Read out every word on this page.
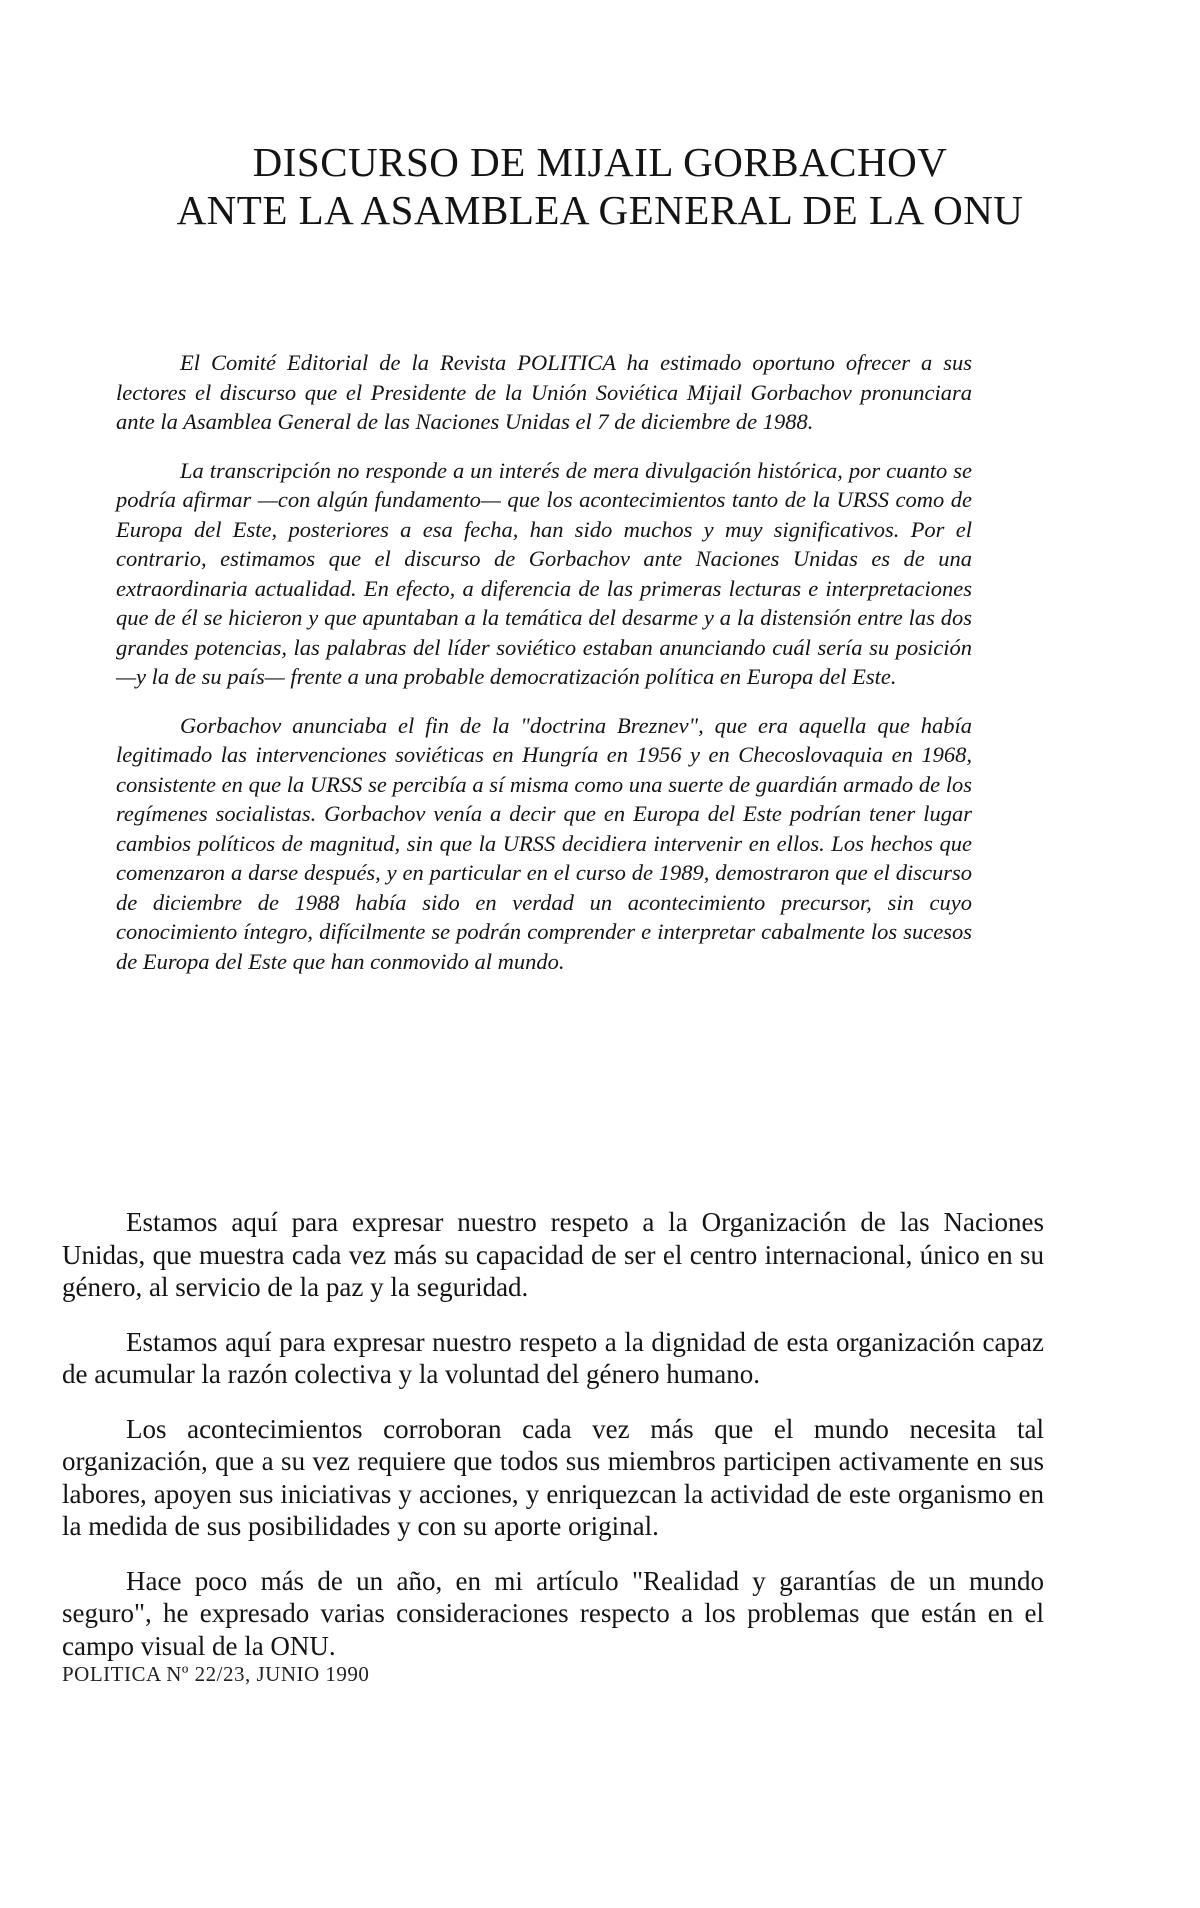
DISCURSO DE MIJAIL GORBACHOV
ANTE LA ASAMBLEA GENERAL DE LA ONU

El Comité Editorial de la Revista POLITICA ha estimado oportuno ofrecer a sus lectores el discurso que el Presidente de la Unión Soviética Mijail Gorbachov pronunciara ante la Asamblea General de las Naciones Unidas el 7 de diciembre de 1988.

La transcripción no responde a un interés de mera divulgación histórica, por cuanto se podría afirmar —con algún fundamento— que los acontecimientos tanto de la URSS como de Europa del Este, posteriores a esa fecha, han sido muchos y muy significativos. Por el contrario, estimamos que el discurso de Gorbachov ante Naciones Unidas es de una extraordinaria actualidad. En efecto, a diferencia de las primeras lecturas e interpretaciones que de él se hicieron y que apuntaban a la temática del desarme y a la distensión entre las dos grandes potencias, las palabras del líder soviético estaban anunciando cuál sería su posición —y la de su país— frente a una probable democratización política en Europa del Este.

Gorbachov anunciaba el fin de la "doctrina Breznev", que era aquella que había legitimado las intervenciones soviéticas en Hungría en 1956 y en Checoslovaquia en 1968, consistente en que la URSS se percibía a sí misma como una suerte de guardián armado de los regímenes socialistas. Gorbachov venía a decir que en Europa del Este podrían tener lugar cambios políticos de magnitud, sin que la URSS decidiera intervenir en ellos. Los hechos que comenzaron a darse después, y en particular en el curso de 1989, demostraron que el discurso de diciembre de 1988 había sido en verdad un acontecimiento precursor, sin cuyo conocimiento íntegro, difícilmente se podrán comprender e interpretar cabalmente los sucesos de Europa del Este que han conmovido al mundo.

Estamos aquí para expresar nuestro respeto a la Organización de las Naciones Unidas, que muestra cada vez más su capacidad de ser el centro internacional, único en su género, al servicio de la paz y la seguridad.

Estamos aquí para expresar nuestro respeto a la dignidad de esta organización capaz de acumular la razón colectiva y la voluntad del género humano.

Los acontecimientos corroboran cada vez más que el mundo necesita tal organización, que a su vez requiere que todos sus miembros participen activamente en sus labores, apoyen sus iniciativas y acciones, y enriquezcan la actividad de este organismo en la medida de sus posibilidades y con su aporte original.

Hace poco más de un año, en mi artículo "Realidad y garantías de un mundo seguro", he expresado varias consideraciones respecto a los problemas que están en el campo visual de la ONU.

POLITICA Nº 22/23, JUNIO 1990
